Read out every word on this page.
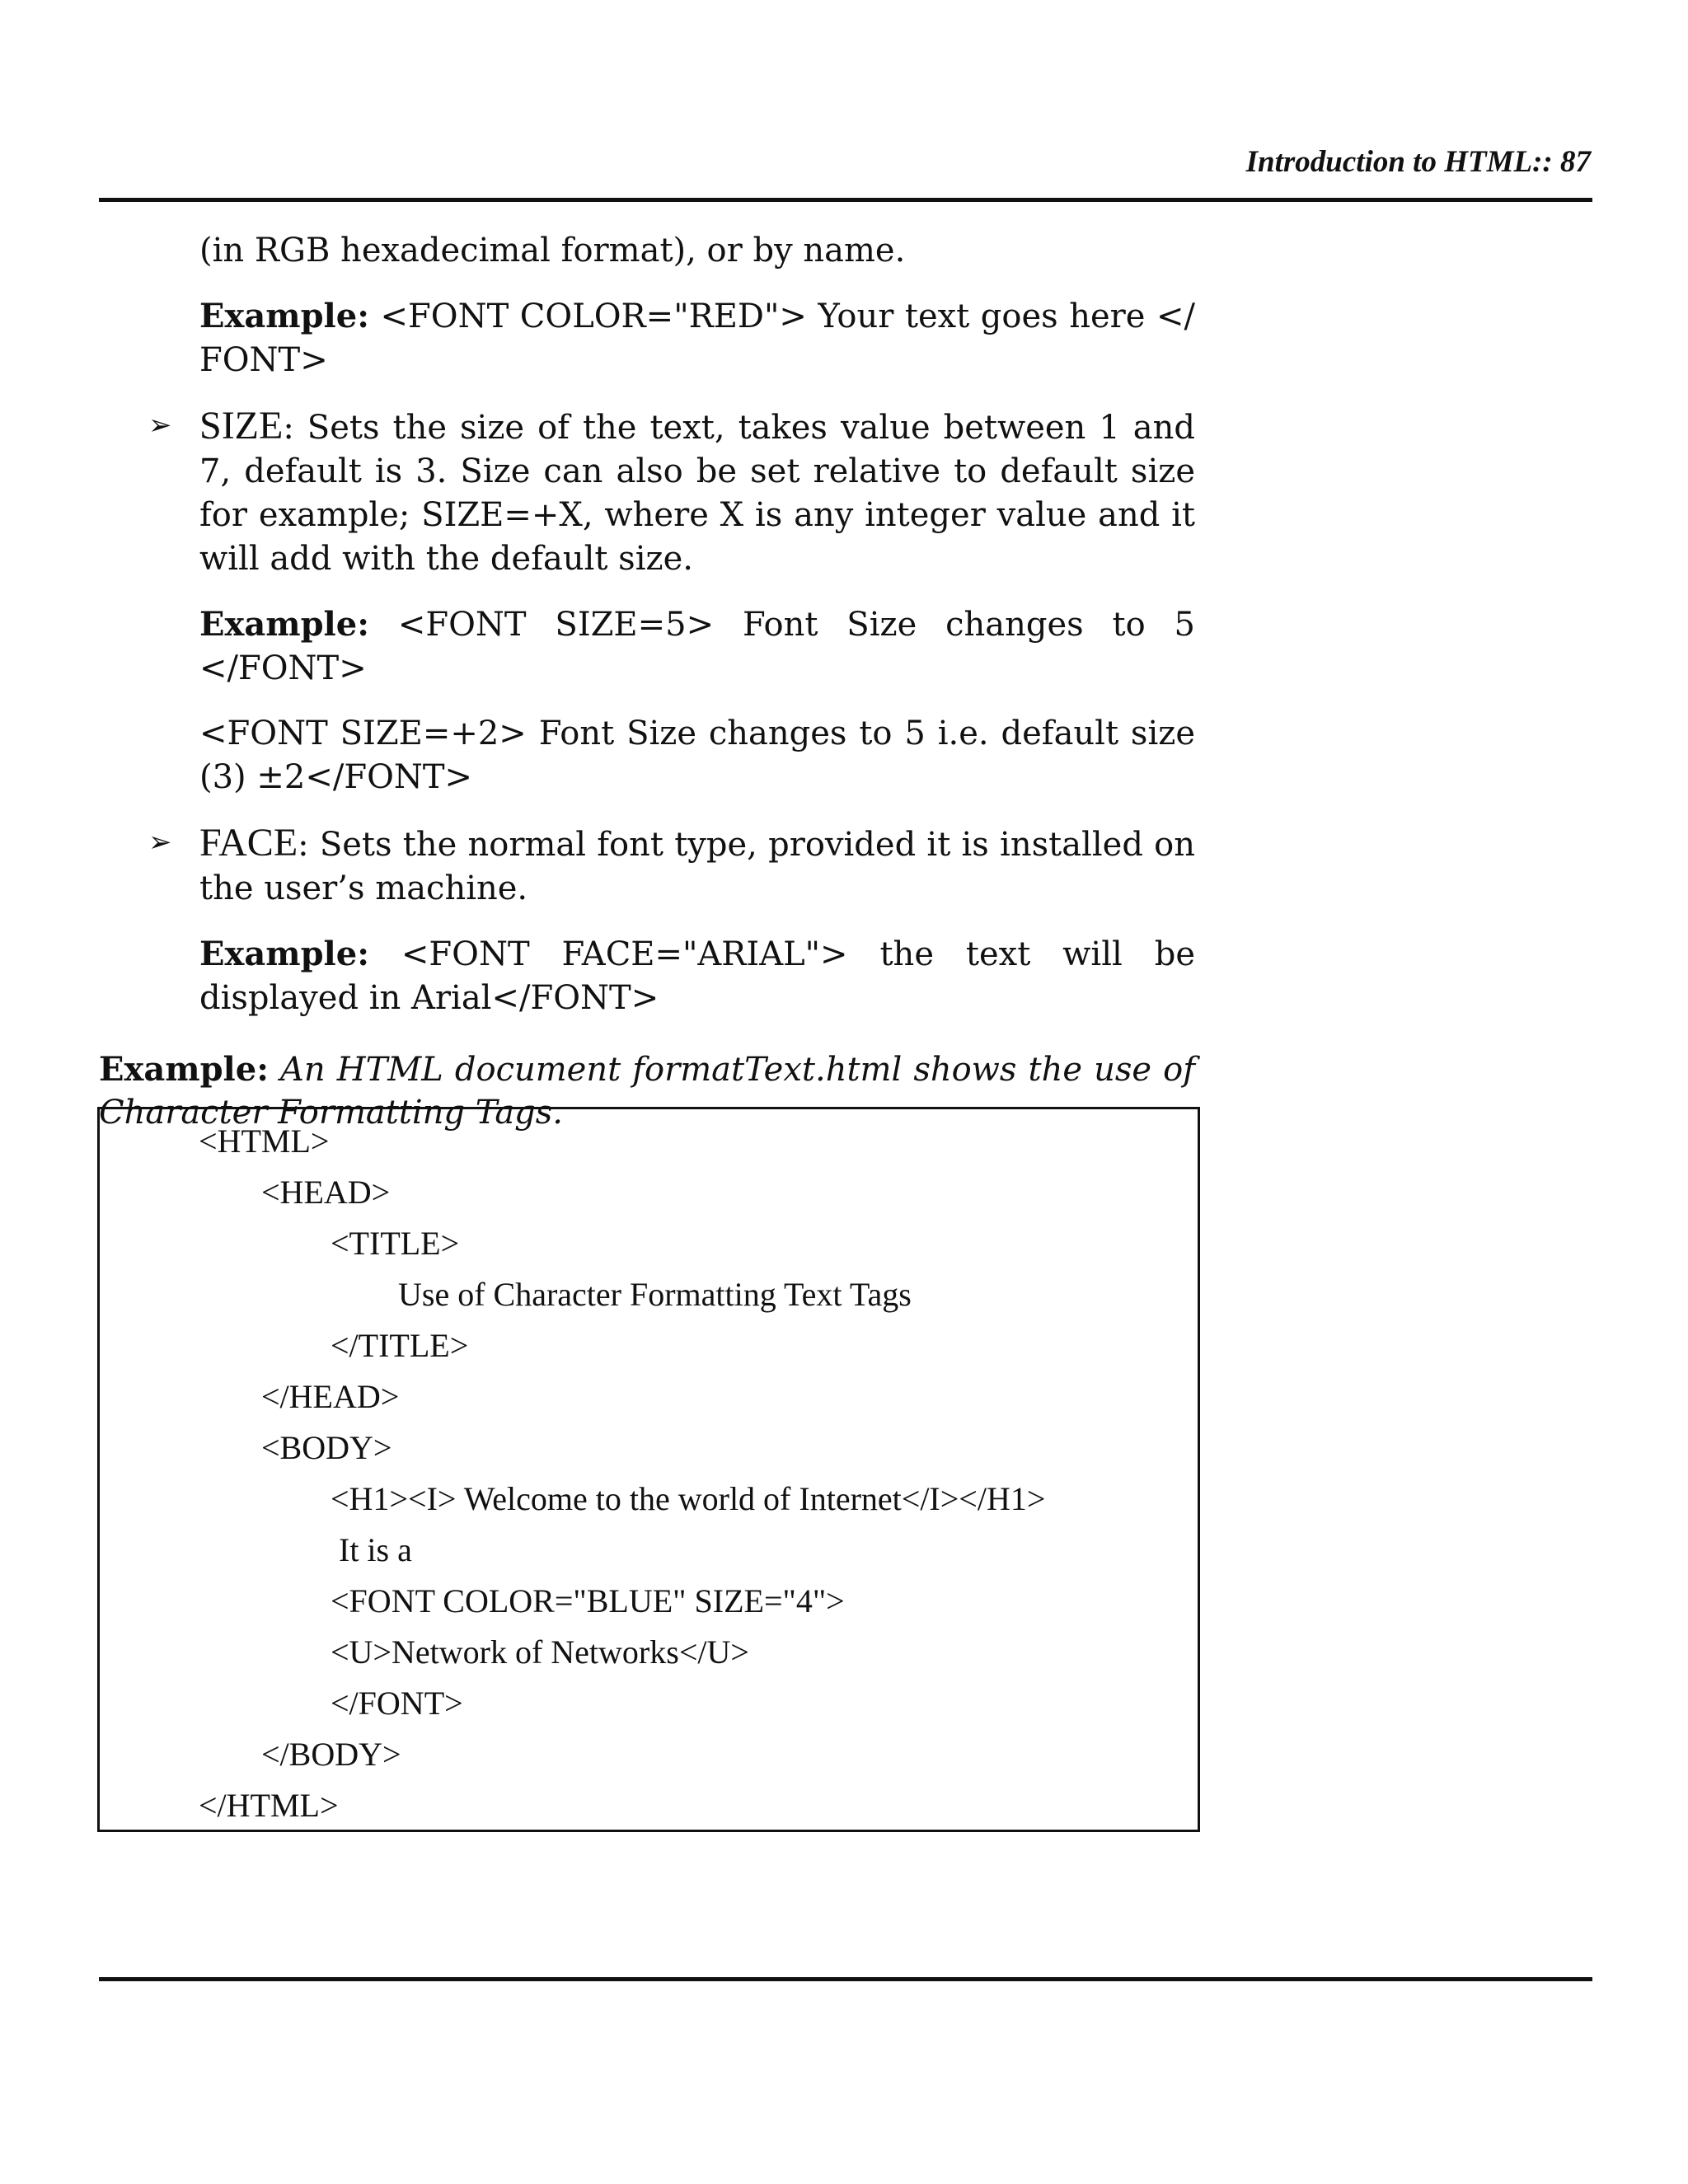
Introduction to HTML:: 87

(in RGB hexadecimal format), or by name.

Example: <FONT COLOR="RED"> Your text goes here </ FONT>

➢ SIZE: Sets the size of the text, takes value between 1 and 7, default is 3. Size can also be set relative to default size for example; SIZE=+X, where X is any integer value and it will add with the default size.

Example: <FONT SIZE=5> Font Size changes to 5 </FONT>

<FONT SIZE=+2> Font Size changes to 5 i.e. default size (3) ±2</FONT>

➢ FACE: Sets the normal font type, provided it is installed on the user’s machine.

Example: <FONT FACE="ARIAL"> the text will be displayed in Arial</FONT>

Example: An HTML document formatText.html shows the use of Character Formatting Tags.

<HTML>
<HEAD>
<TITLE>
Use of Character Formatting Text Tags
</TITLE>
</HEAD>
<BODY>
<H1><I> Welcome to the world of Internet</I></H1>
It is a
<FONT COLOR="BLUE" SIZE="4">
<U>Network of Networks</U>
</FONT>
</BODY>
</HTML>
